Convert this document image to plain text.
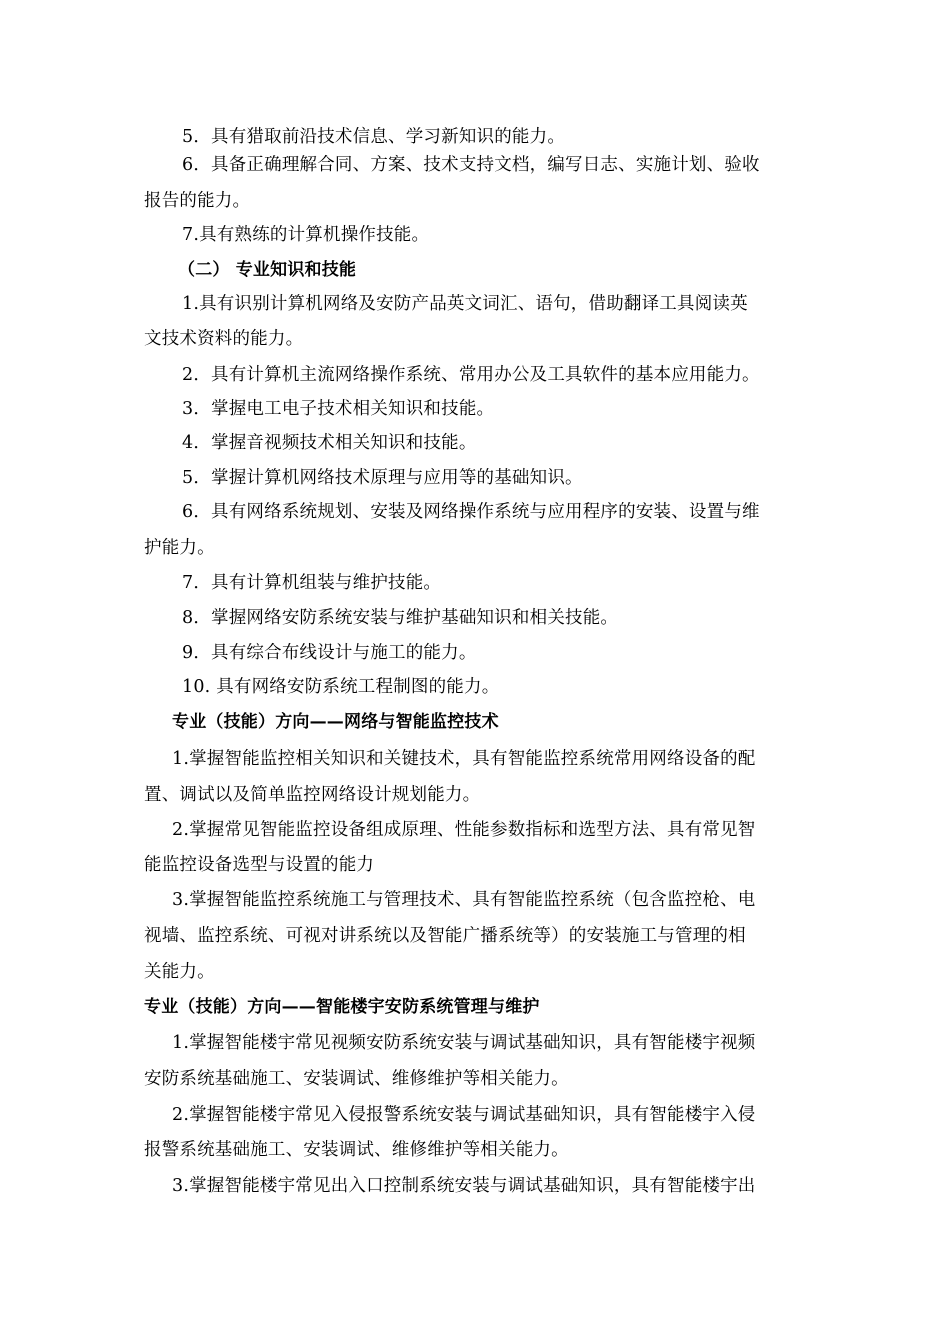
5．具有猎取前沿技术信息、学习新知识的能力。
6．具备正确理解合同、方案、技术支持文档，编写日志、实施计划、验收
报告的能力。
7.具有熟练的计算机操作技能。
（二） 专业知识和技能
1.具有识别计算机网络及安防产品英文词汇、语句，借助翻译工具阅读英
文技术资料的能力。
2．具有计算机主流网络操作系统、常用办公及工具软件的基本应用能力。
3．掌握电工电子技术相关知识和技能。
4．掌握音视频技术相关知识和技能。
5．掌握计算机网络技术原理与应用等的基础知识。
6．具有网络系统规划、安装及网络操作系统与应用程序的安装、设置与维
护能力。
7．具有计算机组装与维护技能。
8．掌握网络安防系统安装与维护基础知识和相关技能。
9．具有综合布线设计与施工的能力。
10. 具有网络安防系统工程制图的能力。
专业（技能）方向——网络与智能监控技术
1.掌握智能监控相关知识和关键技术，具有智能监控系统常用网络设备的配
置、调试以及简单监控网络设计规划能力。
2.掌握常见智能监控设备组成原理、性能参数指标和选型方法、具有常见智
能监控设备选型与设置的能力
3.掌握智能监控系统施工与管理技术、具有智能监控系统（包含监控枪、电
视墙、监控系统、可视对讲系统以及智能广播系统等）的安装施工与管理的相
关能力。
专业（技能）方向——智能楼宇安防系统管理与维护
1.掌握智能楼宇常见视频安防系统安装与调试基础知识，具有智能楼宇视频
安防系统基础施工、安装调试、维修维护等相关能力。
2.掌握智能楼宇常见入侵报警系统安装与调试基础知识，具有智能楼宇入侵
报警系统基础施工、安装调试、维修维护等相关能力。
3.掌握智能楼宇常见出入口控制系统安装与调试基础知识，具有智能楼宇出
